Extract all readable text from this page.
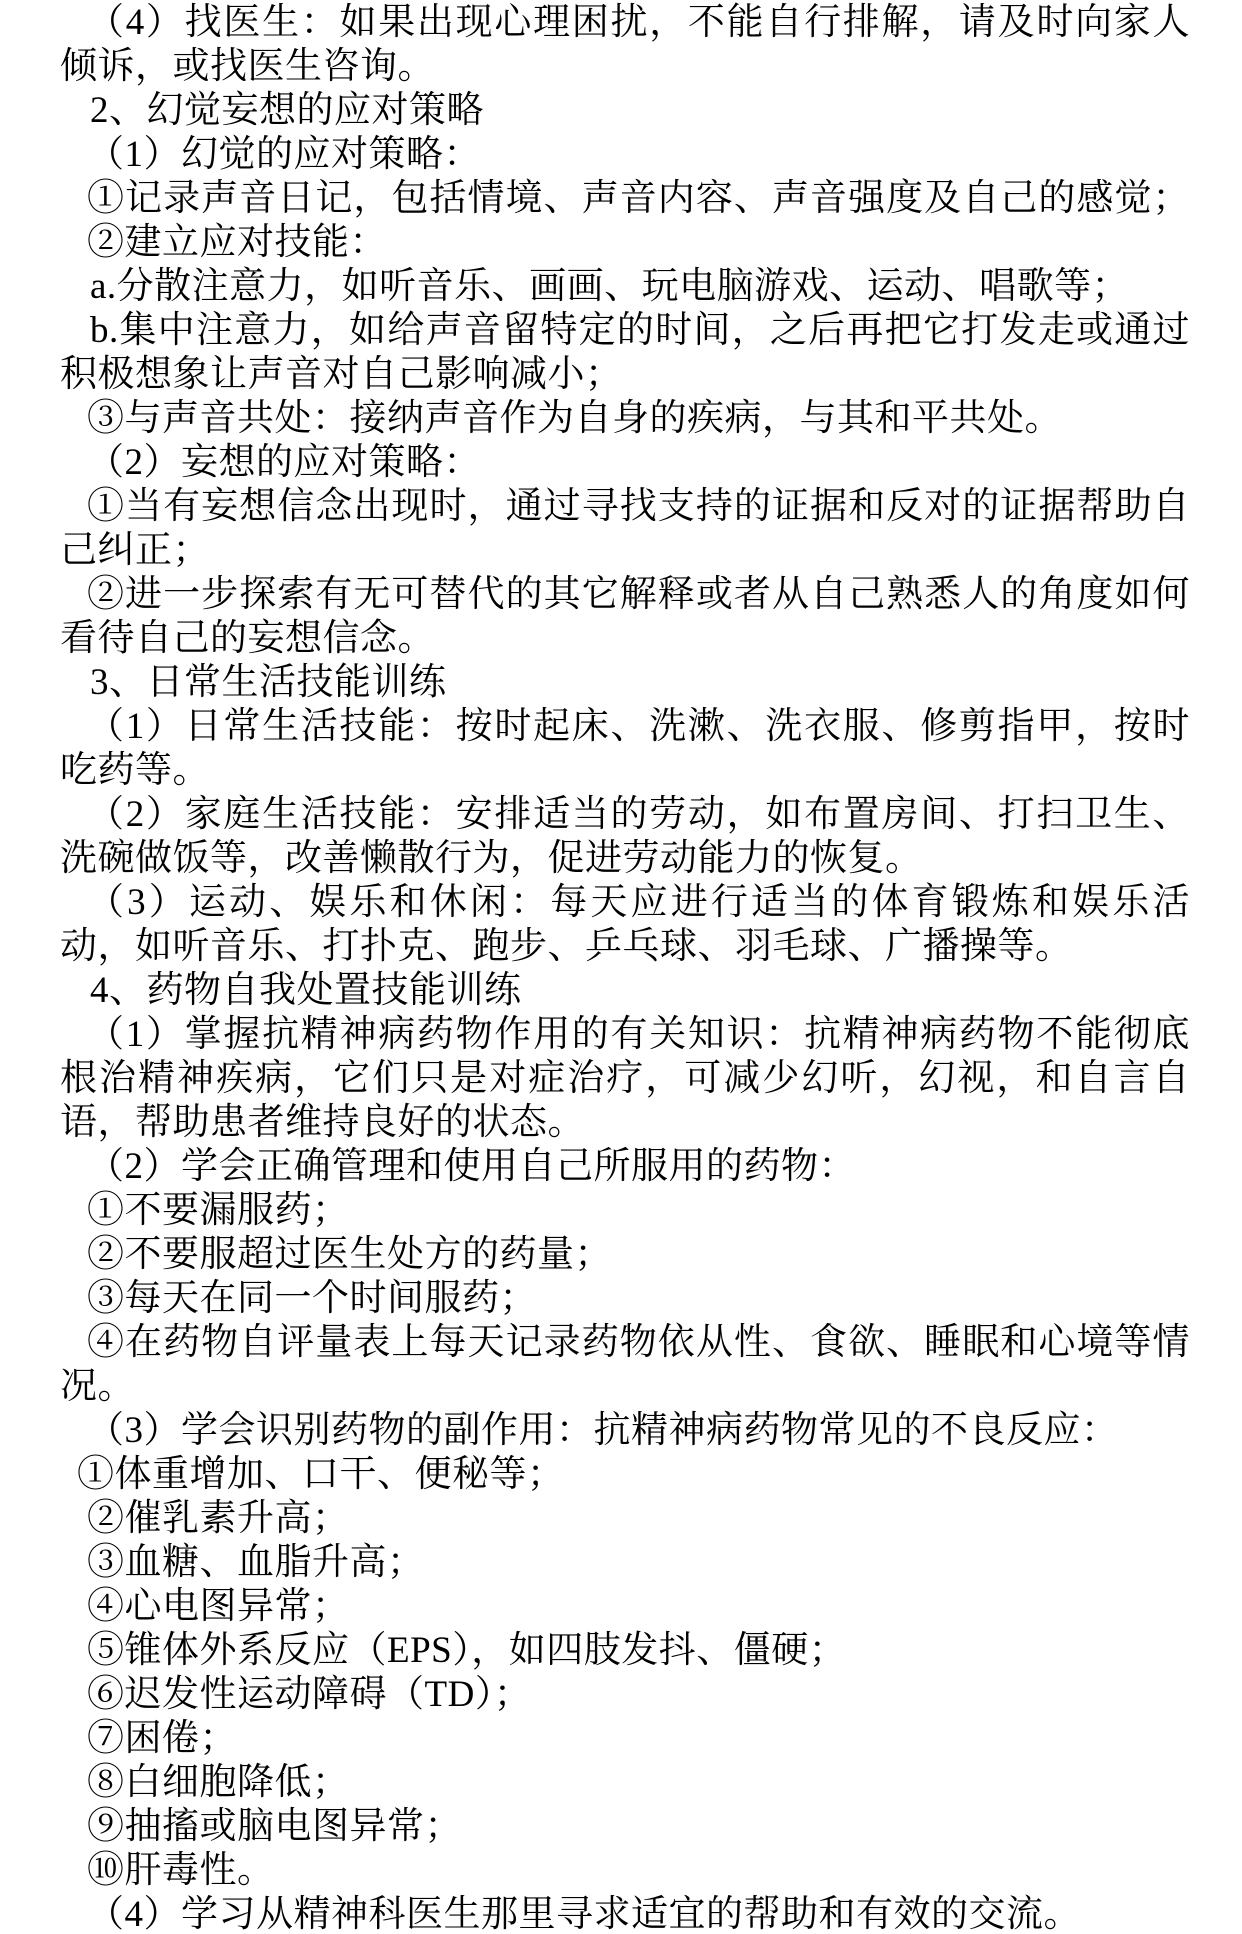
（4）找医生：如果出现心理困扰，不能自行排解，请及时向家人
倾诉，或找医生咨询。
2、幻觉妄想的应对策略
（1）幻觉的应对策略：
①记录声音日记，包括情境、声音内容、声音强度及自己的感觉；
②建立应对技能：
a.分散注意力，如听音乐、画画、玩电脑游戏、运动、唱歌等；
b.集中注意力，如给声音留特定的时间，之后再把它打发走或通过
积极想象让声音对自己影响减小；
③与声音共处：接纳声音作为自身的疾病，与其和平共处。
（2）妄想的应对策略：
①当有妄想信念出现时，通过寻找支持的证据和反对的证据帮助自
己纠正；
②进一步探索有无可替代的其它解释或者从自己熟悉人的角度如何
看待自己的妄想信念。
3、日常生活技能训练
（1）日常生活技能：按时起床、洗漱、洗衣服、修剪指甲，按时
吃药等。
（2）家庭生活技能：安排适当的劳动，如布置房间、打扫卫生、
洗碗做饭等，改善懒散行为，促进劳动能力的恢复。
（3）运动、娱乐和休闲：每天应进行适当的体育锻炼和娱乐活
动，如听音乐、打扑克、跑步、乒乓球、羽毛球、广播操等。
4、药物自我处置技能训练
（1）掌握抗精神病药物作用的有关知识：抗精神病药物不能彻底
根治精神疾病，它们只是对症治疗，可减少幻听，幻视，和自言自
语，帮助患者维持良好的状态。
（2）学会正确管理和使用自己所服用的药物：
①不要漏服药；
②不要服超过医生处方的药量；
③每天在同一个时间服药；
④在药物自评量表上每天记录药物依从性、食欲、睡眠和心境等情
况。
（3）学会识别药物的副作用：抗精神病药物常见的不良反应：
①体重增加、口干、便秘等；
②催乳素升高；
③血糖、血脂升高；
④心电图异常；
⑤锥体外系反应（EPS），如四肢发抖、僵硬；
⑥迟发性运动障碍（TD）；
⑦困倦；
⑧白细胞降低；
⑨抽搐或脑电图异常；
⑩肝毒性。
（4）学习从精神科医生那里寻求适宜的帮助和有效的交流。
